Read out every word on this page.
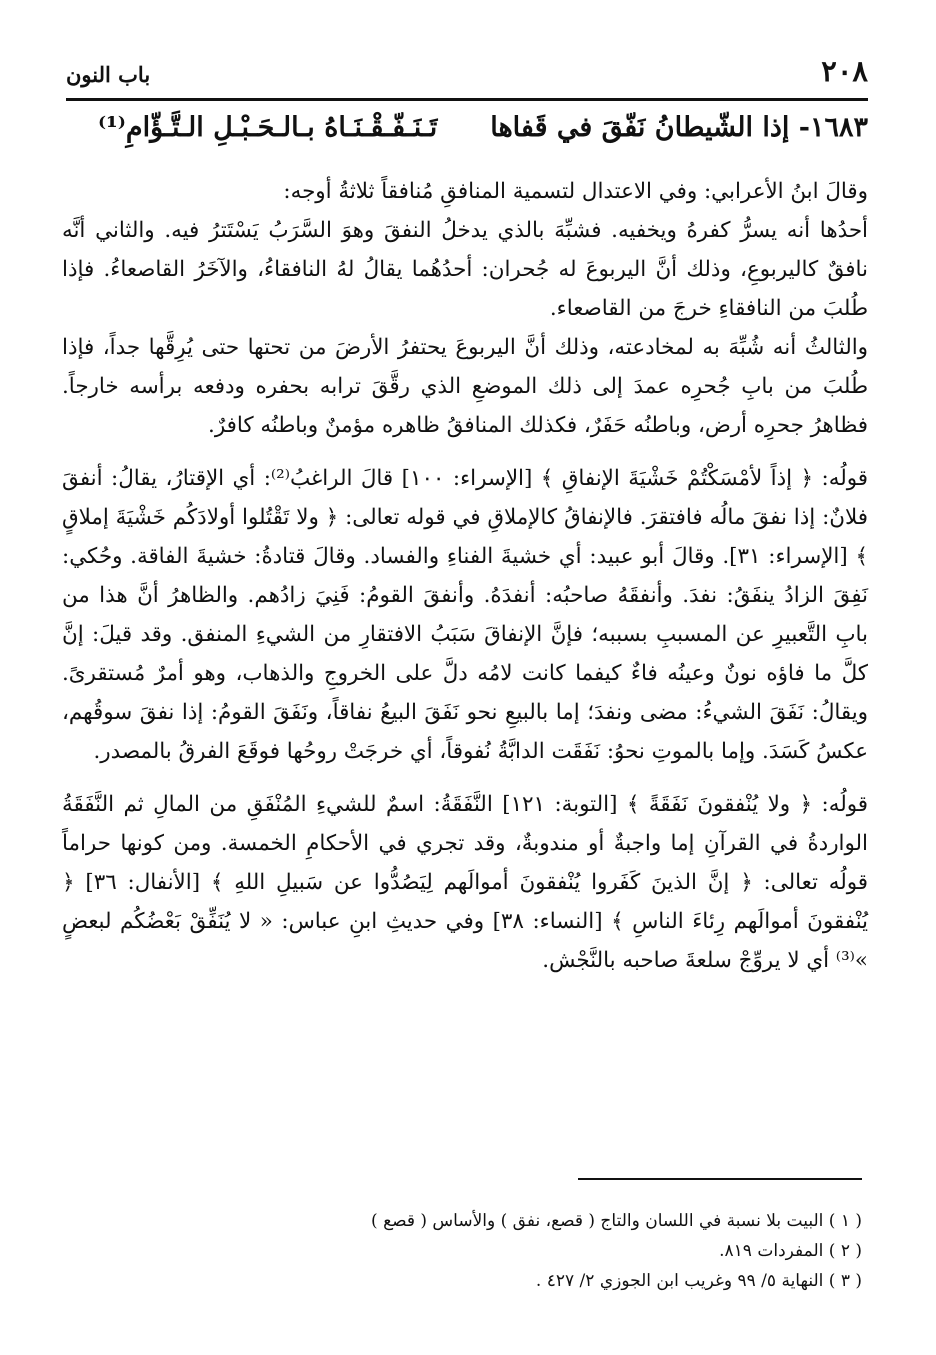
٢٠٨
باب النون
١٦٨٣- إذا الشّيطانُ نَفّقَ في قَفاها
تَـنَـفّـقْـنَـاهُ بـالـحَـبْـلِ الـتَّـؤّامِ⁽¹⁾

وقالَ ابنُ الأعرابي: وفي الاعتدال لتسمية المنافقِ مُنافقاً ثلاثةُ أوجه:

أحدُها أنه يسرُّ كفرهُ ويخفيه. فشبِّهَ بالذي يدخلُ النفقَ وهوَ السَّرَبُ يَسْتَترُ فيه. والثاني أنَّه نافقٌ كاليربوعِ، وذلك أنَّ اليربوعَ له جُحران: أحدُهُما يقالُ لهُ النافقاءُ، والآخَرُ القاصعاءُ. فإذا طُلبَ من النافقاءِ خرجَ من القاصعاء.

والثالثُ أنه شُبِّهَ به لمخادعته، وذلك أنَّ اليربوعَ يحتفرُ الأرضَ من تحتها حتى يُرِقَّها جداً، فإذا طُلبَ من بابِ جُحرِه عمدَ إلى ذلك الموضعِ الذي رقَّقَ ترابه بحفره ودفعه برأسه خارجاً. فظاهرُ جحرِه أرض، وباطنُه حَفَرٌ، فكذلك المنافقُ ظاهره مؤمنٌ وباطنُه كافرٌ.

قولُه: ﴿ إذاً لأمْسَكْتُمْ خَشْيَةَ الإنفاقِ ﴾ [الإسراء: ١٠٠] قالَ الراغبُ⁽²⁾: أي الإقتارُ، يقالُ: أنفقَ فلانٌ: إذا نفقَ مالُه فافتقرَ. فالإنفاقُ كالإملاقِ في قوله تعالى: ﴿ ولا تَقْتُلوا أولادَكُم خَشْيَةَ إملاقٍ ﴾ [الإسراء: ٣١]. وقالَ أبو عبيد: أي خشيةَ الفناءِ والفساد. وقالَ قتادةُ: خشيةَ الفاقة. وحُكي: نَفِقَ الزادُ ينفَقُ: نفدَ. وأنفقَهُ صاحبُه: أنفدَهُ. وأنفقَ القومُ: فَنِيَ زادُهم. والظاهرُ أنَّ هذا من بابِ التَّعبيرِ عن المسببِ بسببه؛ فإنَّ الإنفاقَ سَبَبُ الافتقارِ من الشيءِ المنفق. وقد قيلَ: إنَّ كلَّ ما فاؤه نونٌ وعينُه فاءٌ كيفما كانت لامُه دلَّ على الخروجِ والذهاب، وهو أمرٌ مُستقرىً. ويقالُ: نَفَقَ الشيءُ: مضى ونفدَ؛ إما بالبيعِ نحو نَفَقَ البيعُ نفاقاً، ونَفَقَ القومُ: إذا نفقَ سوقُهم، عكسُ كَسَدَ. وإما بالموتِ نحوُ: نَفَقَت الدابَّةُ نُفوقاً، أي خرجَتْ روحُها فوقَعَ الفرقُ بالمصدر.

قولُه: ﴿ ولا يُنْفقونَ نَفَقَةً ﴾ [التوبة: ١٢١] النَّفَقَةُ: اسمٌ للشيءِ المُنْفَقِ من المالِ ثم النَّفَقَةُ الواردةُ في القرآنِ إما واجبةٌ أو مندوبةٌ، وقد تجري في الأحكامِ الخمسة. ومن كونها حراماً قولُه تعالى: ﴿ إنَّ الذينَ كَفَروا يُنْفقونَ أموالَهم لِيَصُدُّوا عن سَبيلِ اللهِ ﴾ [الأنفال: ٣٦] ﴿ يُنْفقونَ أموالَهم رِئاءَ الناسِ ﴾ [النساء: ٣٨] وفي حديثِ ابنِ عباس: « لا يُنَفِّقْ بَعْضُكُم لبعضٍ »⁽³⁾ أي لا يروِّجْ سلعةَ صاحبه بالنَّجْش.

( ١ ) البيت بلا نسبة في اللسان والتاج ( قصع، نفق ) والأساس ( قصع )
( ٢ ) المفردات ٨١٩.
( ٣ ) النهاية ٥/ ٩٩ وغريب ابن الجوزي ٢/ ٤٢٧ .
